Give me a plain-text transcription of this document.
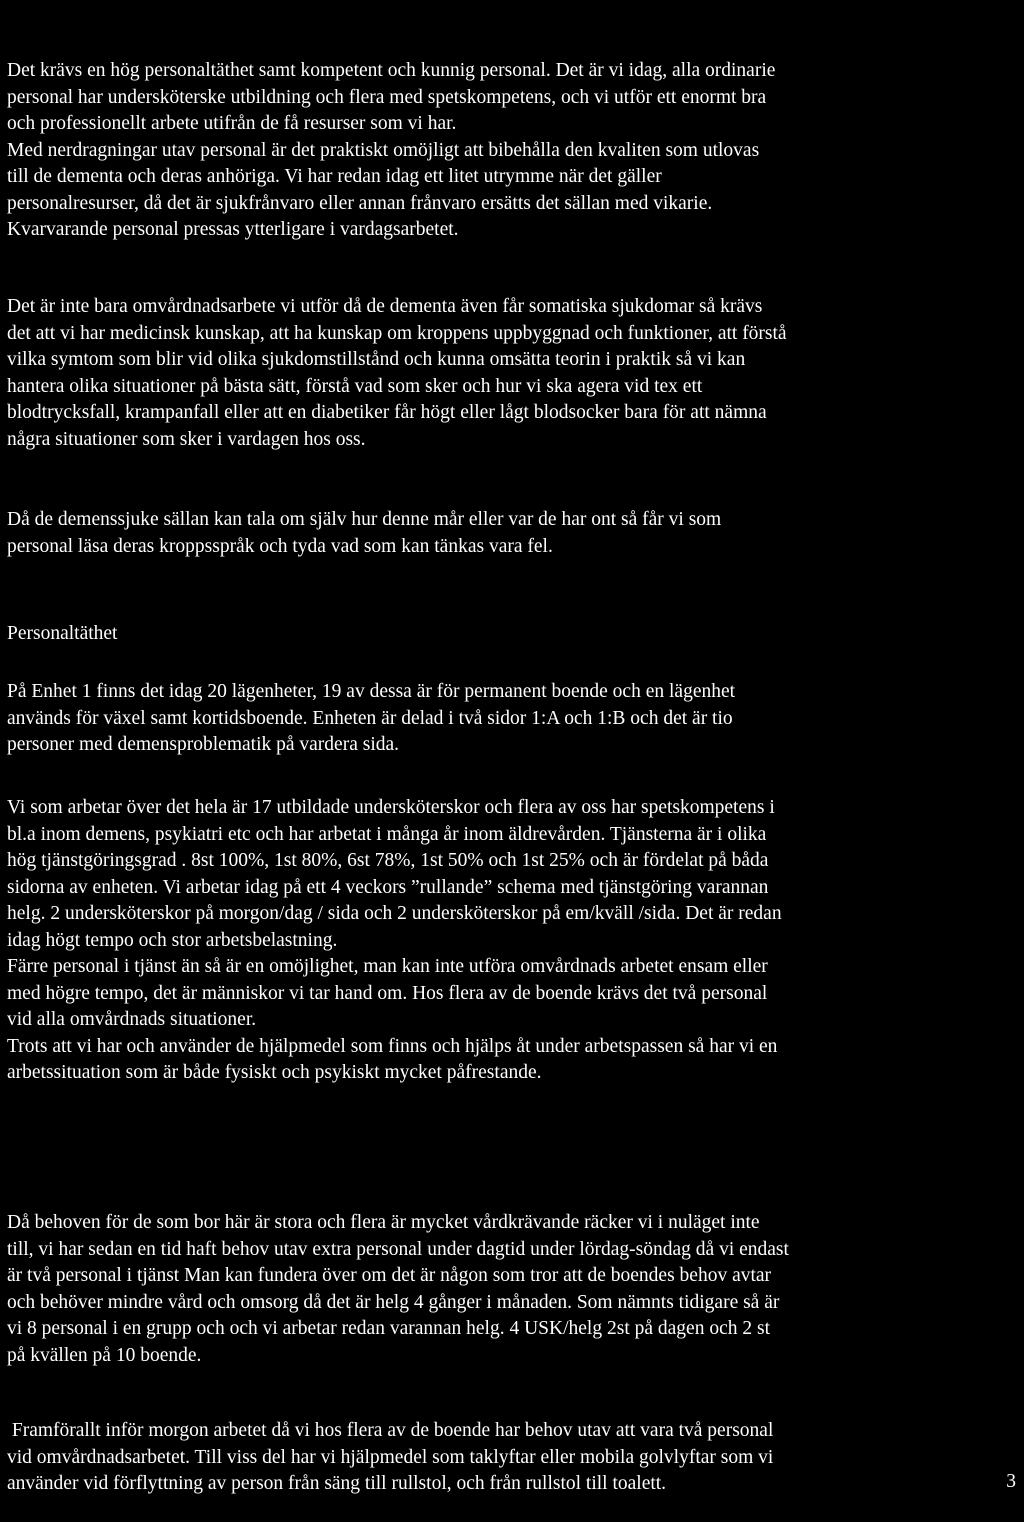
Det krävs en hög personaltäthet samt kompetent och kunnig personal. Det är vi idag, alla ordinarie
personal har undersköterske utbildning och flera med spetskompetens, och vi utför ett enormt bra
och professionellt arbete utifrån de få resurser som vi har.
Med nerdragningar utav personal är det praktiskt omöjligt att bibehålla den kvaliten som utlovas
till de dementa och deras anhöriga. Vi har redan idag ett litet utrymme när det gäller
personalresurser, då det är sjukfrånvaro eller annan frånvaro ersätts det sällan med vikarie.
Kvarvarande personal pressas ytterligare i vardagsarbetet.
Det är inte bara omvårdnadsarbete vi utför då de dementa även får somatiska sjukdomar så krävs
det att vi har medicinsk kunskap, att ha kunskap om kroppens uppbyggnad och funktioner, att förstå
vilka symtom som blir vid olika sjukdomstillstånd och kunna omsätta teorin i praktik så vi kan
hantera olika situationer på bästa sätt, förstå vad som sker och hur vi ska agera vid tex ett
blodtrycksfall, krampanfall eller att en diabetiker får högt eller lågt blodsocker bara för att nämna
några situationer som sker i vardagen hos oss.
Då de demenssjuke sällan kan tala om själv hur denne mår eller var de har ont så får vi som
personal läsa deras kroppsspråk och tyda vad som kan tänkas vara fel.
Personaltäthet
På Enhet 1 finns det idag 20 lägenheter, 19 av dessa är för permanent boende och en lägenhet
används för växel samt kortidsboende. Enheten är delad i två sidor 1:A och 1:B och det är tio
personer med demensproblematik på vardera sida.
Vi som arbetar över det hela är 17 utbildade undersköterskor och flera av oss har spetskompetens i
bl.a inom demens, psykiatri etc och har arbetat i många år inom äldrevården. Tjänsterna är i olika
hög tjänstgöringsgrad . 8st 100%, 1st 80%, 6st 78%, 1st 50% och 1st 25% och är fördelat på båda
sidorna av enheten. Vi arbetar idag på ett 4 veckors ”rullande” schema med tjänstgöring varannan
helg. 2 undersköterskor på morgon/dag / sida och 2 undersköterskor på em/kväll /sida. Det är redan
idag högt tempo och stor arbetsbelastning.
Färre personal i tjänst än så är en omöjlighet, man kan inte utföra omvårdnads arbetet ensam eller
med högre tempo, det är människor vi tar hand om. Hos flera av de boende krävs det två personal
vid alla omvårdnads situationer.
Trots att vi har och använder de hjälpmedel som finns och hjälps åt under arbetspassen så har vi en
arbetssituation som är både fysiskt och psykiskt mycket påfrestande.
Då behoven för de som bor här är stora och flera är mycket vårdkrävande räcker vi i nuläget inte
till, vi har sedan en tid haft behov utav extra personal under dagtid under lördag-söndag då vi endast
är två personal i tjänst Man kan fundera över om det är någon som tror att de boendes behov avtar
och behöver mindre vård och omsorg då det är helg 4 gånger i månaden. Som nämnts tidigare så är
vi 8 personal i en grupp och och vi arbetar redan varannan helg. 4 USK/helg 2st på dagen och 2 st
på kvällen på 10 boende.
Framförallt inför morgon arbetet då vi hos flera av de boende har behov utav att vara två personal
vid omvårdnadsarbetet. Till viss del har vi hjälpmedel som taklyftar eller mobila golvlyftar som vi
använder vid förflyttning av person från säng till rullstol, och från rullstol till toalett.	3
